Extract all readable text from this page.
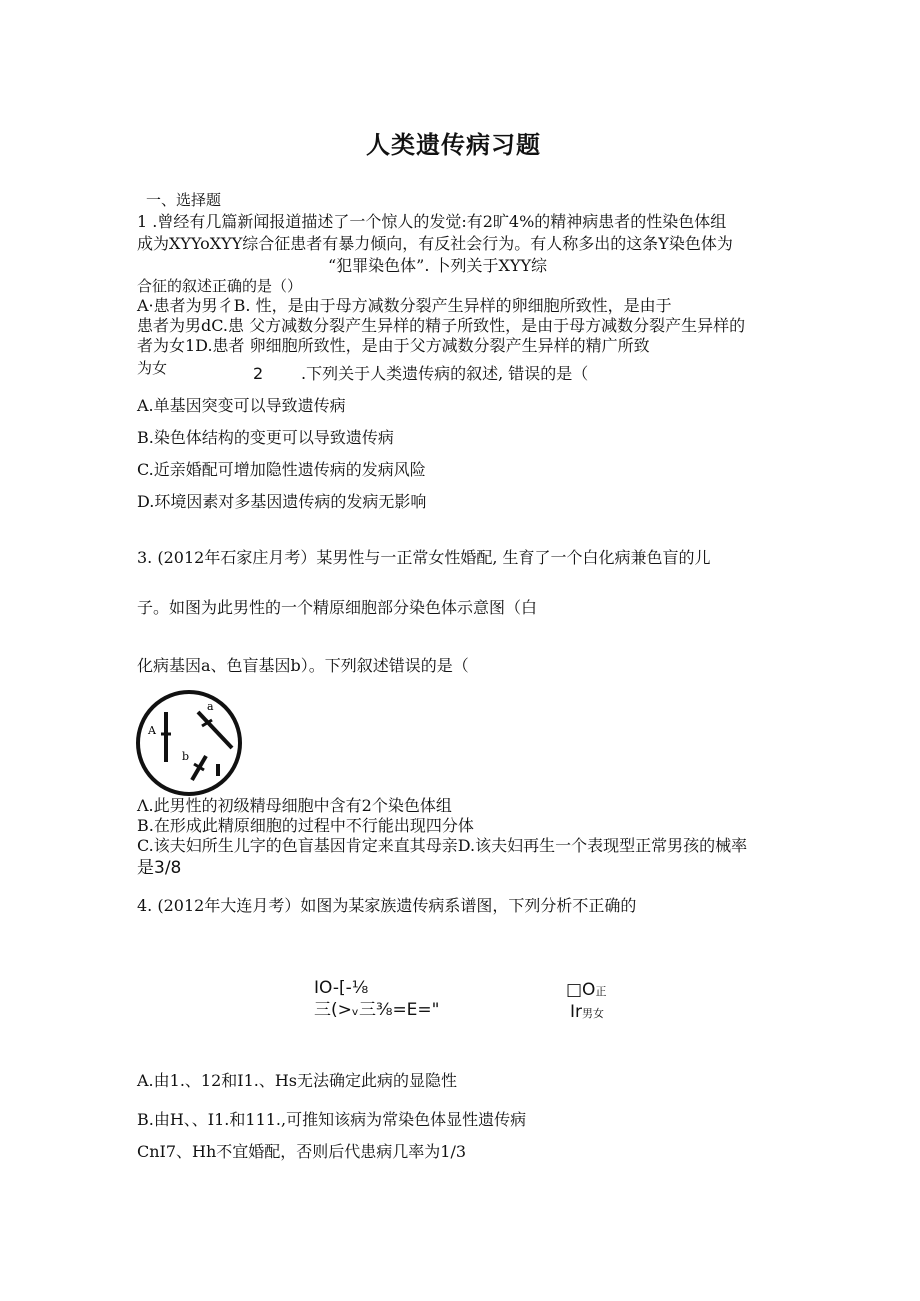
人类遗传病习题
一、选择题
1 .曾经有几篇新闻报道描述了一个惊人的发觉:有2旷4%的精神病患者的性染色体组
成为XYYoXYY综合征患者有暴力倾向，有反社会行为。有人称多出的这条Y染色体为
“犯罪染色体”. 卜列关于XYY综
合征的叙述正确的是（）
A·患者为男彳B. 性，是由于母方减数分裂产生异样的卵细胞所致性，是由于
患者为男dC.患 父方减数分裂产生异样的精子所致性，是由于母方减数分裂产生异样的
者为女1D.患者 卵细胞所致性，是由于父方减数分裂产生异样的精广所致
为女	2 .下列关于人类遗传病的叙述, 错误的是（
A.单基因突变可以导致遗传病
B.染色体结构的变更可以导致遗传病
C.近亲婚配可增加隐性遗传病的发病风险
D.环境因素对多基因遗传病的发病无影响
3. (2012年石家庄月考）某男性与一正常女性婚配, 生育了一个白化病兼色盲的儿
子。如图为此男性的一个精原细胞部分染色体示意图（白
化病基因a、色盲基因b）。下列叙述错误的是（
A
a
b
Λ.此男性的初级精母细胞中含有2个染色体组
B.在形成此精原细胞的过程中不行能出现四分体
C.该夫妇所生儿字的色盲基因肯定来直其母亲D.该夫妇再生一个表现型正常男孩的械率
是3/8
4. (2012年大连月考）如图为某家族遗传病系谱图，下列分析不正确的
IO-[-⅛
三(>ᵥ三⅜=E="
□O正
Ir男女
A.由1.、12和I1.、Hs无法确定此病的显隐性
B.由H、、I1.和111.,可推知该病为常染色体显性遗传病
CnI7、Hh不宜婚配，否则后代患病几率为1/3
